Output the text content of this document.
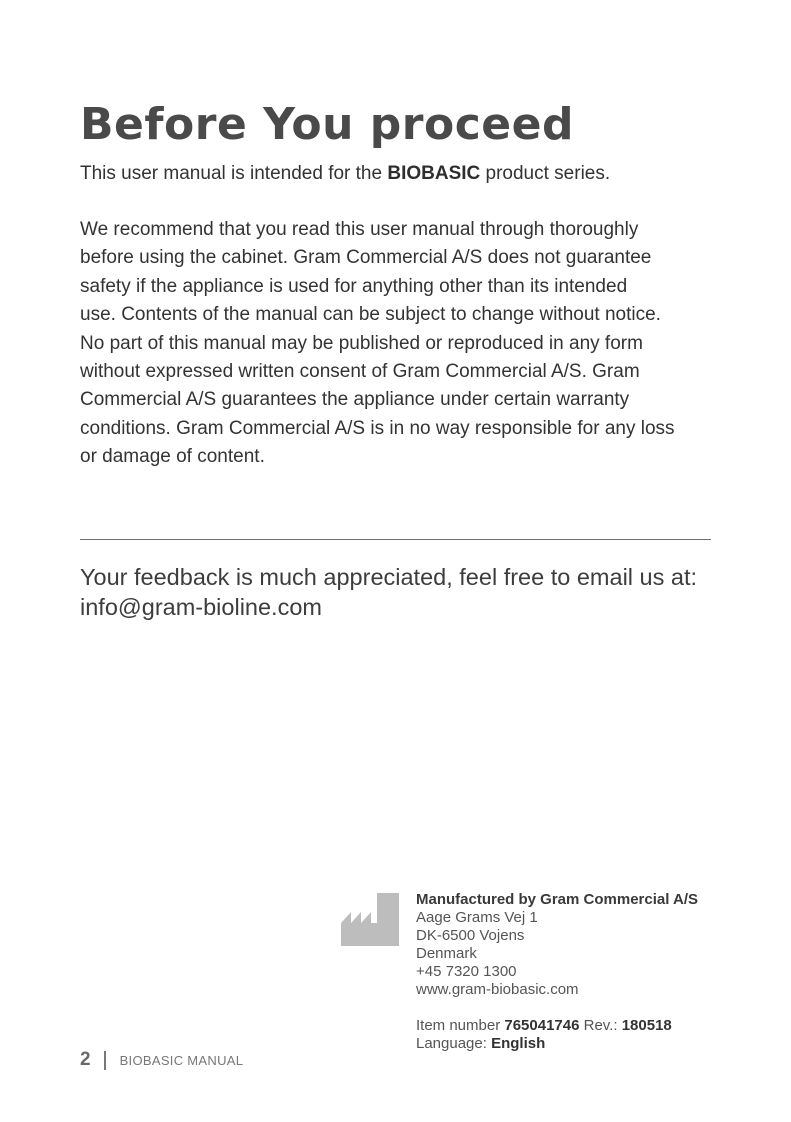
Before You proceed

This user manual is intended for the BIOBASIC product series.

We recommend that you read this user manual through thoroughly
before using the cabinet. Gram Commercial A/S does not guarantee
safety if the appliance is used for anything other than its intended
use. Contents of the manual can be subject to change without notice.
No part of this manual may be published or reproduced in any form
without expressed written consent of Gram Commercial A/S. Gram
Commercial A/S guarantees the appliance under certain warranty
conditions. Gram Commercial A/S is in no way responsible for any loss
or damage of content.
Your feedback is much appreciated, feel free to email us at:
info@gram-bioline.com
Manufactured by Gram Commercial A/S
Aage Grams Vej 1
DK-6500 Vojens
Denmark
+45 7320 1300
www.gram-biobasic.com
Item number 765041746 Rev.: 180518
Language: English
2 BIOBASIC MANUAL
